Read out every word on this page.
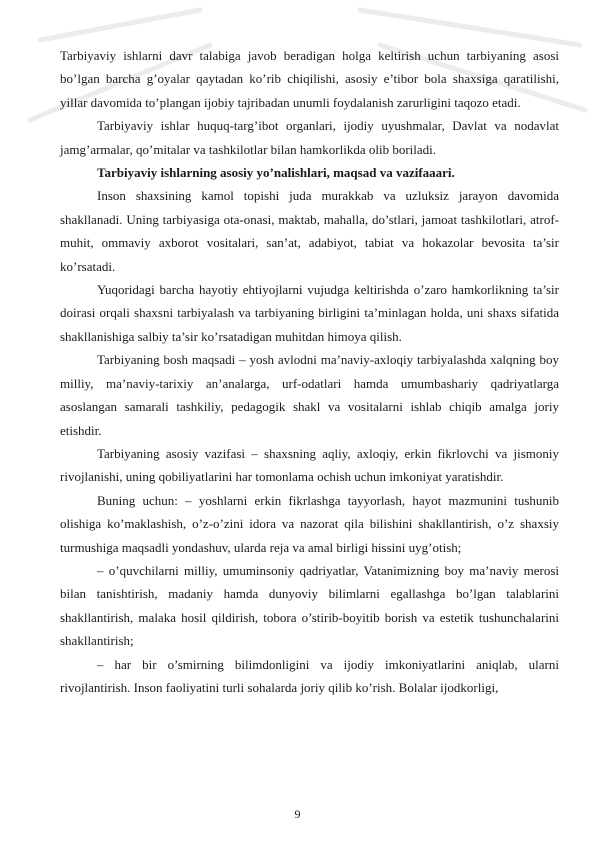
Tarbiyaviy ishlarni davr talabiga javob beradigan holga keltirish uchun tarbiyaning asosi bo’lgan barcha g’oyalar qaytadan ko’rib chiqilishi, asosiy e’tibor bola shaxsiga qaratilishi, yillar davomida to’plangan ijobiy tajribadan unumli foydalanish zarurligini taqozo etadi.

Tarbiyaviy ishlar huquq-targ’ibot organlari, ijodiy uyushmalar, Davlat va nodavlat jamg’armalar, qo’mitalar va tashkilotlar bilan hamkorlikda olib boriladi.

Tarbiyaviy ishlarning asosiy yo’nalishlari, maqsad va vazifaaari.

Inson shaxsining kamol topishi juda murakkab va uzluksiz jarayon davomida shakllanadi. Uning tarbiyasiga ota-onasi, maktab, mahalla, do’stlari, jamoat tashkilotlari, atrof-muhit, ommaviy axborot vositalari, san’at, adabiyot, tabiat va hokazolar bevosita ta’sir ko’rsatadi.

Yuqoridagi barcha hayotiy ehtiyojlarni vujudga keltirishda o’zaro hamkorlikning ta’sir doirasi orqali shaxsni tarbiyalash va tarbiyaning birligini ta’minlagan holda, uni shaxs sifatida shakllanishiga salbiy ta’sir ko’rsatadigan muhitdan himoya qilish.

Tarbiyaning bosh maqsadi – yosh avlodni ma’naviy-axloqiy tarbiyalashda xalqning boy milliy, ma’naviy-tarixiy an’analarga, urf-odatlari hamda umumbashariy qadriyatlarga asoslangan samarali tashkiliy, pedagogik shakl va vositalarni ishlab chiqib amalga joriy etishdir.

Tarbiyaning asosiy vazifasi – shaxsning aqliy, axloqiy, erkin fikrlovchi va jismoniy rivojlanishi, uning qobiliyatlarini har tomonlama ochish uchun imkoniyat yaratishdir.

Buning uchun: – yoshlarni erkin fikrlashga tayyorlash, hayot mazmunini tushunib olishiga ko’maklashish, o’z-o’zini idora va nazorat qila bilishini shakllantirish, o’z shaxsiy turmushiga maqsadli yondashuv, ularda reja va amal birligi hissini uyg’otish;

– o’quvchilarni milliy, umuminsoniy qadriyatlar, Vatanimizning boy ma’naviy merosi bilan tanishtirish, madaniy hamda dunyoviy bilimlarni egallashga bo’lgan talablarini shakllantirish, malaka hosil qildirish, tobora o’stirib-boyitib borish va estetik tushunchalarini shakllantirish;

– har bir o’smirning bilimdonligini va ijodiy imkoniyatlarini aniqlab, ularni rivojlantirish. Inson faoliyatini turli sohalarda joriy qilib ko’rish. Bolalar ijodkorligi,

9
